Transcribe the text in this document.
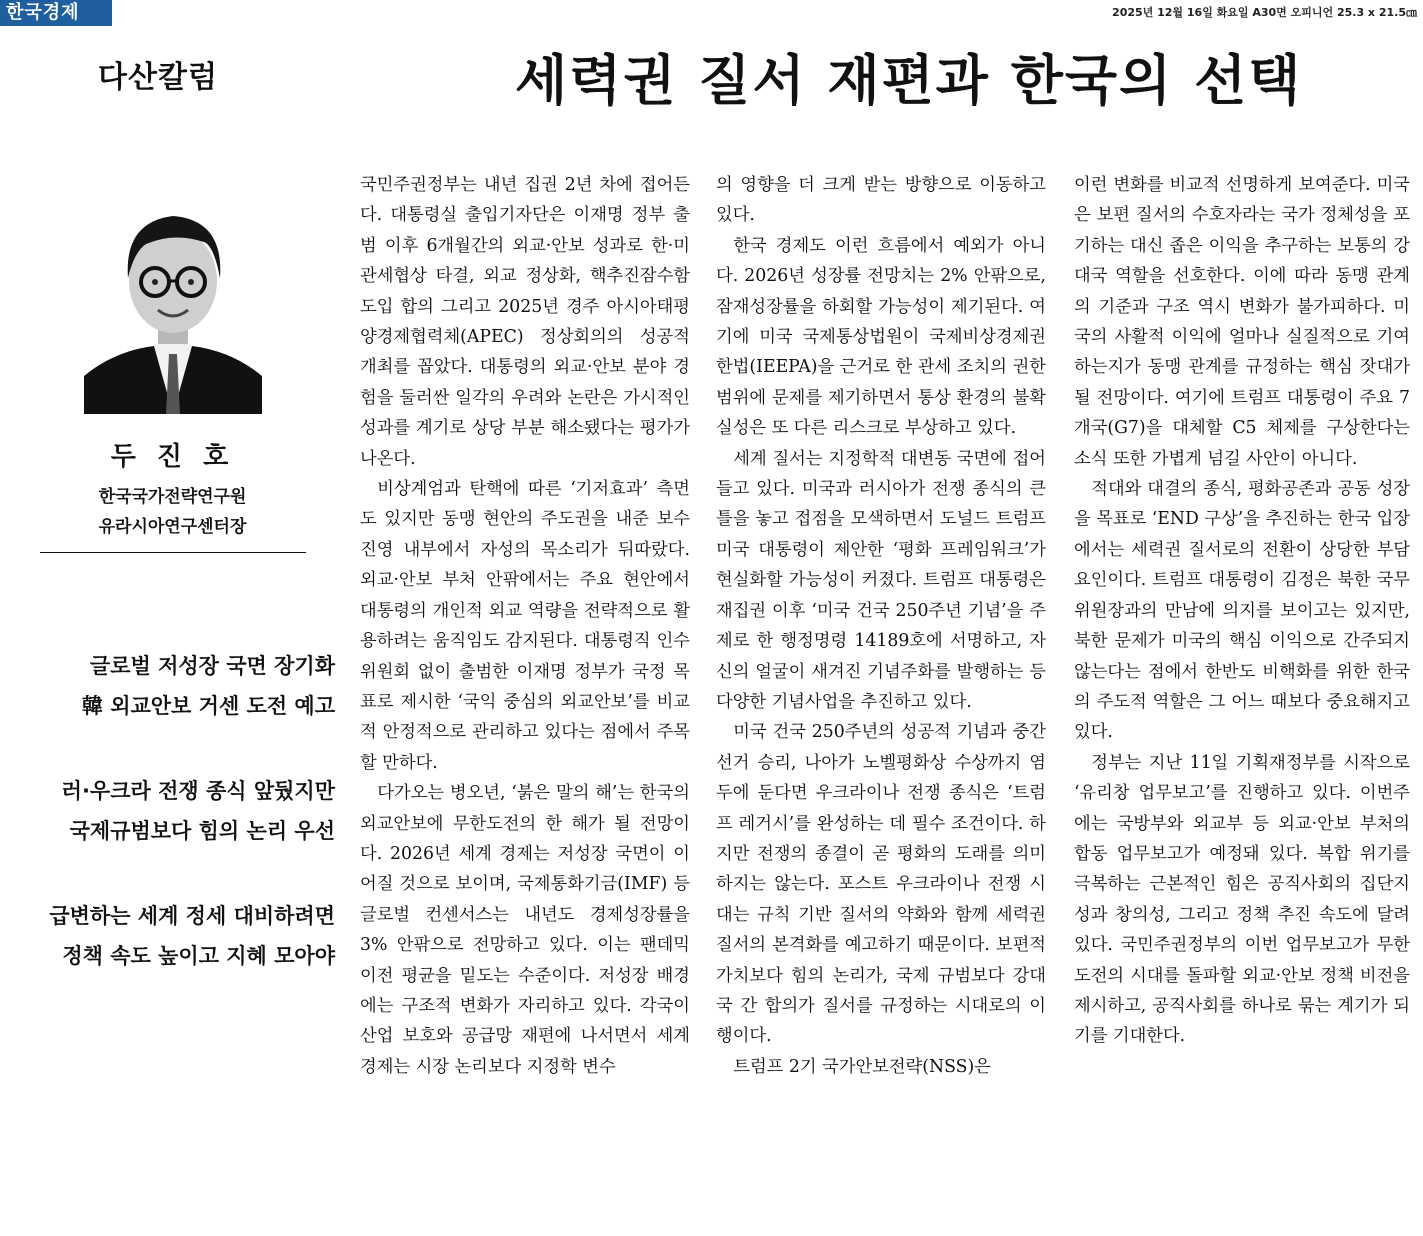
한국경제	2025년 12월 16일 화요일 A30면 오피니언 25.3 x 21.5㎝
다산칼럼	세력권 질서 재편과 한국의 선택
두 진 호
한국국가전략연구원
유라시아연구센터장
글로벌 저성장 국면 장기화
韓 외교안보 거센 도전 예고
러·우크라 전쟁 종식 앞뒀지만
국제규범보다 힘의 논리 우선
급변하는 세계 정세 대비하려면
정책 속도 높이고 지혜 모아야

국민주권정부는 내년 집권 2년 차에 접어든다. 대통령실 출입기자단은 이재명 정부 출범 이후 6개월간의 외교·안보 성과로 한·미 관세협상 타결, 외교 정상화, 핵추진잠수함 도입 합의 그리고 2025년 경주 아시아태평양경제협력체(APEC) 정상회의의 성공적 개최를 꼽았다. 대통령의 외교·안보 분야 경험을 둘러싼 일각의 우려와 논란은 가시적인 성과를 계기로 상당 부분 해소됐다는 평가가 나온다.

비상계엄과 탄핵에 따른 ‘기저효과’ 측면도 있지만 동맹 현안의 주도권을 내준 보수 진영 내부에서 자성의 목소리가 뒤따랐다. 외교·안보 부처 안팎에서는 주요 현안에서 대통령의 개인적 외교 역량을 전략적으로 활용하려는 움직임도 감지된다. 대통령직 인수위원회 없이 출범한 이재명 정부가 국정 목표로 제시한 ‘국익 중심의 외교안보’를 비교적 안정적으로 관리하고 있다는 점에서 주목할 만하다.

다가오는 병오년, ‘붉은 말의 해’는 한국의 외교안보에 무한도전의 한 해가 될 전망이다. 2026년 세계 경제는 저성장 국면이 이어질 것으로 보이며, 국제통화기금(IMF) 등 글로벌 컨센서스는 내년도 경제성장률을 3% 안팎으로 전망하고 있다. 이는 팬데믹 이전 평균을 밑도는 수준이다. 저성장 배경에는 구조적 변화가 자리하고 있다. 각국이 산업 보호와 공급망 재편에 나서면서 세계 경제는 시장 논리보다 지정학 변수

의 영향을 더 크게 받는 방향으로 이동하고 있다.

한국 경제도 이런 흐름에서 예외가 아니다. 2026년 성장률 전망치는 2% 안팎으로, 잠재성장률을 하회할 가능성이 제기된다. 여기에 미국 국제통상법원이 국제비상경제권한법(IEEPA)을 근거로 한 관세 조치의 권한 범위에 문제를 제기하면서 통상 환경의 불확실성은 또 다른 리스크로 부상하고 있다.

세계 질서는 지정학적 대변동 국면에 접어들고 있다. 미국과 러시아가 전쟁 종식의 큰 틀을 놓고 접점을 모색하면서 도널드 트럼프 미국 대통령이 제안한 ‘평화 프레임워크’가 현실화할 가능성이 커졌다. 트럼프 대통령은 재집권 이후 ‘미국 건국 250주년 기념’을 주제로 한 행정명령 14189호에 서명하고, 자신의 얼굴이 새겨진 기념주화를 발행하는 등 다양한 기념사업을 추진하고 있다.

미국 건국 250주년의 성공적 기념과 중간선거 승리, 나아가 노벨평화상 수상까지 염두에 둔다면 우크라이나 전쟁 종식은 ‘트럼프 레거시’를 완성하는 데 필수 조건이다. 하지만 전쟁의 종결이 곧 평화의 도래를 의미하지는 않는다. 포스트 우크라이나 전쟁 시대는 규칙 기반 질서의 약화와 함께 세력권 질서의 본격화를 예고하기 때문이다. 보편적 가치보다 힘의 논리가, 국제 규범보다 강대국 간 합의가 질서를 규정하는 시대로의 이행이다.

트럼프 2기 국가안보전략(NSS)은

이런 변화를 비교적 선명하게 보여준다. 미국은 보편 질서의 수호자라는 국가 정체성을 포기하는 대신 좁은 이익을 추구하는 보통의 강대국 역할을 선호한다. 이에 따라 동맹 관계의 기준과 구조 역시 변화가 불가피하다. 미국의 사활적 이익에 얼마나 실질적으로 기여하는지가 동맹 관계를 규정하는 핵심 잣대가 될 전망이다. 여기에 트럼프 대통령이 주요 7개국(G7)을 대체할 C5 체제를 구상한다는 소식 또한 가볍게 넘길 사안이 아니다.

적대와 대결의 종식, 평화공존과 공동 성장을 목표로 ‘END 구상’을 추진하는 한국 입장에서는 세력권 질서로의 전환이 상당한 부담 요인이다. 트럼프 대통령이 김정은 북한 국무위원장과의 만남에 의지를 보이고는 있지만, 북한 문제가 미국의 핵심 이익으로 간주되지 않는다는 점에서 한반도 비핵화를 위한 한국의 주도적 역할은 그 어느 때보다 중요해지고 있다.

정부는 지난 11일 기획재정부를 시작으로 ‘유리창 업무보고’를 진행하고 있다. 이번주에는 국방부와 외교부 등 외교·안보 부처의 합동 업무보고가 예정돼 있다. 복합 위기를 극복하는 근본적인 힘은 공직사회의 집단지성과 창의성, 그리고 정책 추진 속도에 달려 있다. 국민주권정부의 이번 업무보고가 무한도전의 시대를 돌파할 외교·안보 정책 비전을 제시하고, 공직사회를 하나로 묶는 계기가 되기를 기대한다.
